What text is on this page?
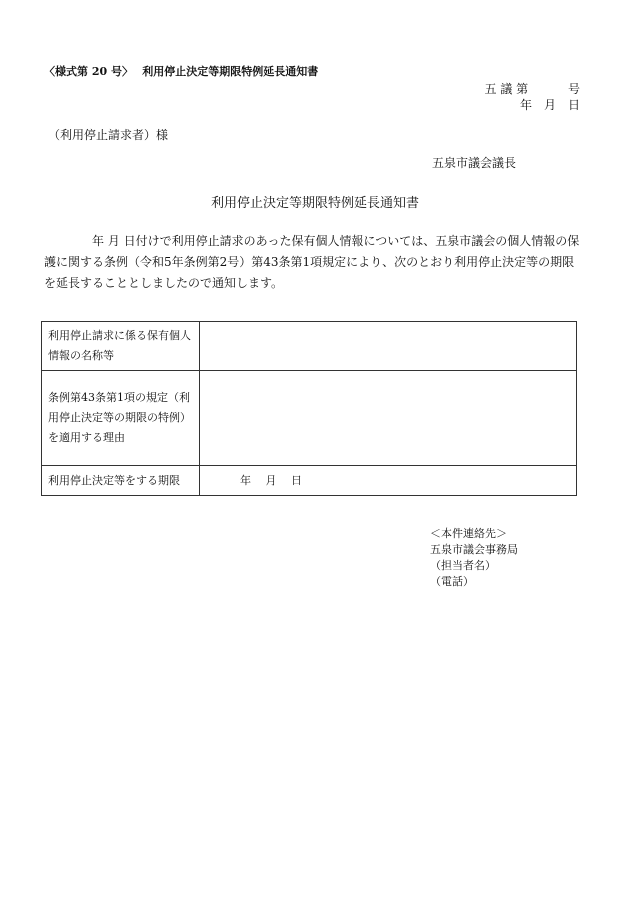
〈様式第 20 号〉　 利用停止決定等期限特例延長通知書
五 議 第　　　 号
年　月　日
（利用停止請求者）様
五泉市議会議長
利用停止決定等期限特例延長通知書
年 月 日付けで利用停止請求のあった保有個人情報については、五泉市議会の個人情報の保護に関する条例（令和5年条例第2号）第43条第1項規定により、次のとおり利用停止決定等の期限を延長することとしましたので通知します。
利用停止請求に係る保有個人情報の名称等	
条例第43条第1項の規定（利用停止決定等の期限の特例）を適用する理由	
利用停止決定等をする期限	年　 月　 日
＜本件連絡先＞
五泉市議会事務局
（担当者名）
（電話）
